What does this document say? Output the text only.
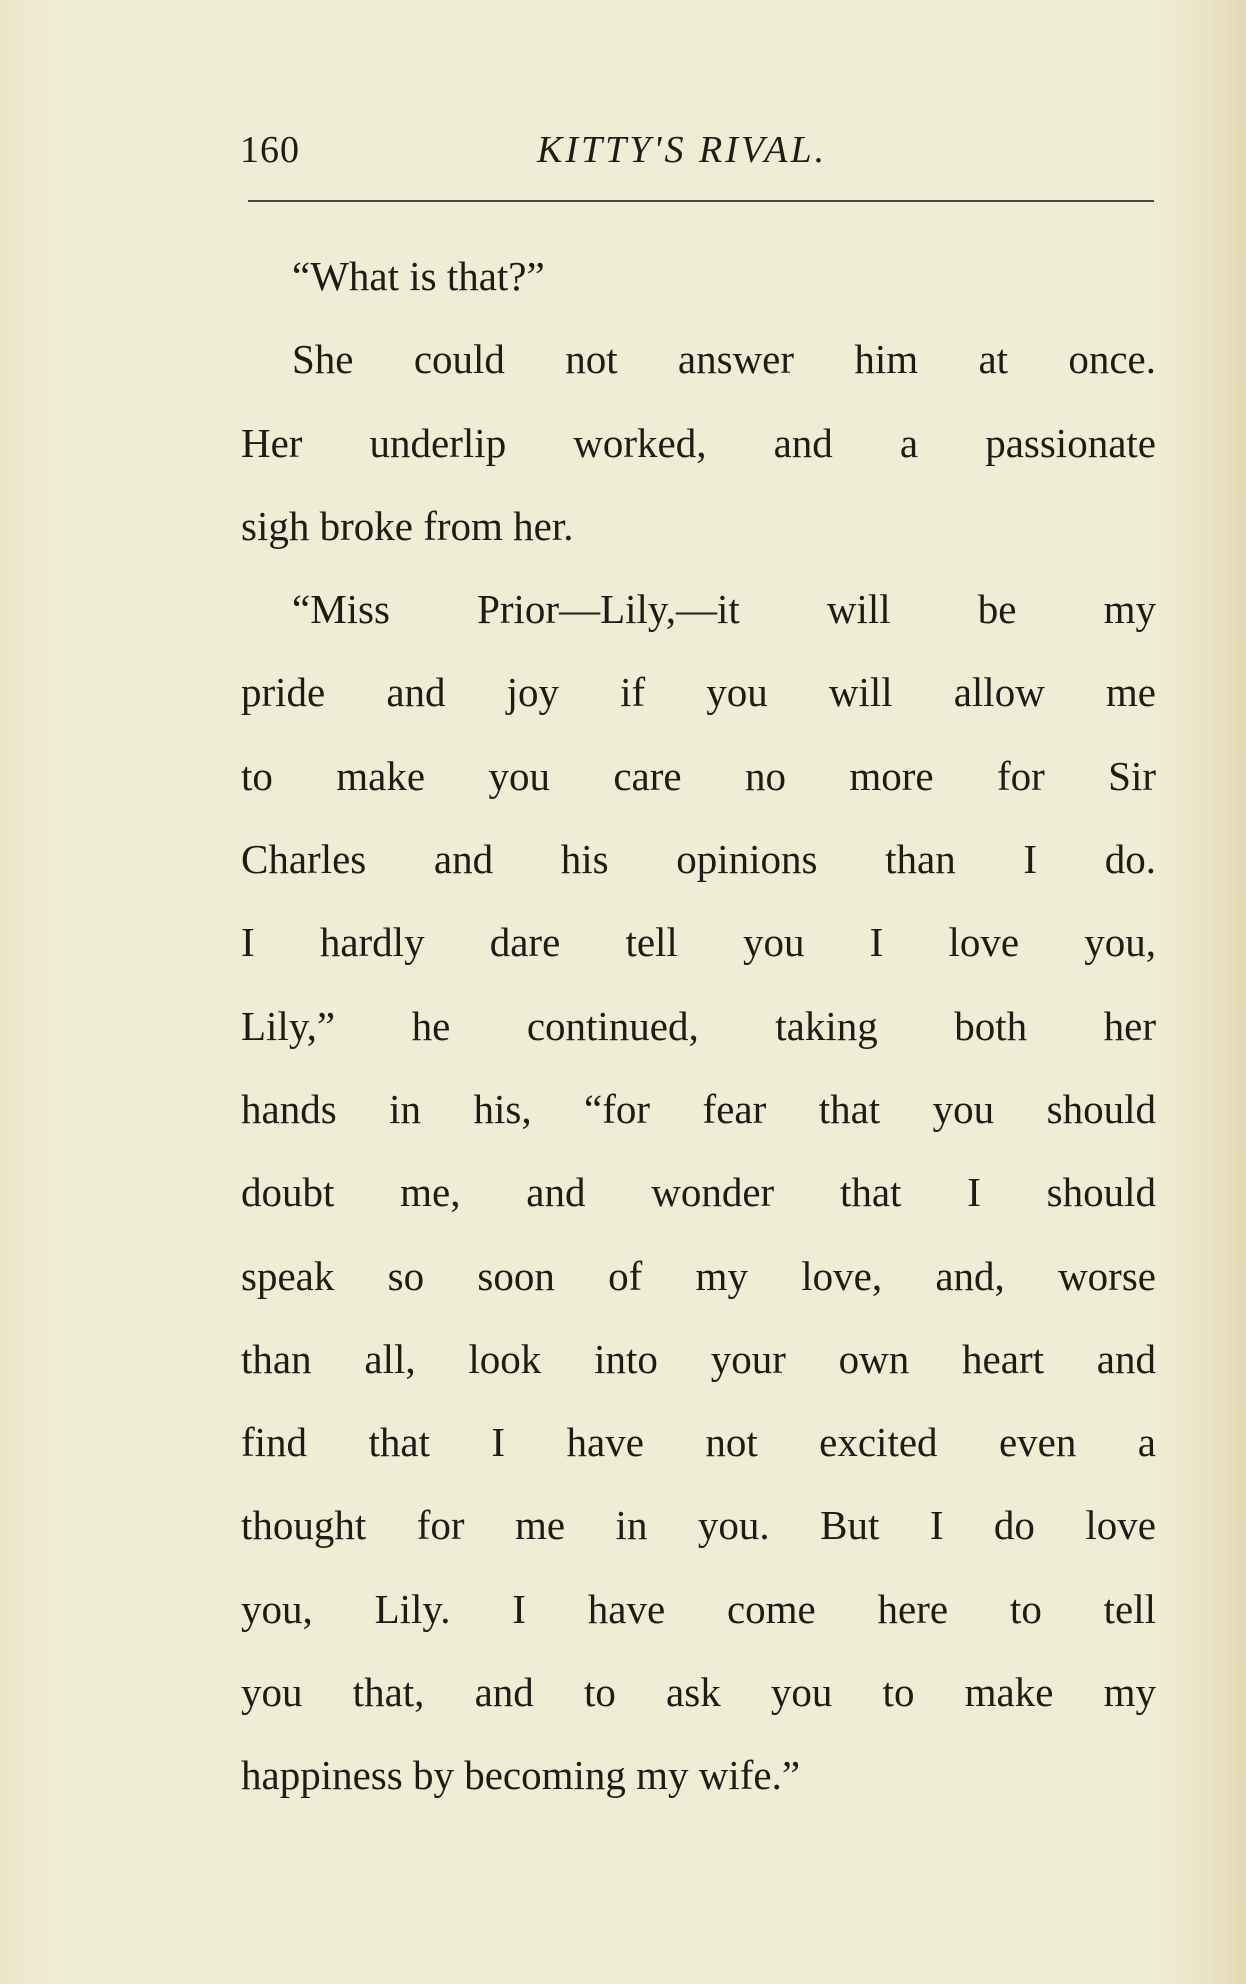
160	KITTY'S RIVAL.
“What is that?”
She could not answer him at once.
Her underlip worked, and a passionate
sigh broke from her.
“Miss Prior—Lily,—it will be my
pride and joy if you will allow me
to make you care no more for Sir
Charles and his opinions than I do.
I hardly dare tell you I love you,
Lily,” he continued, taking both her
hands in his, “for fear that you should
doubt me, and wonder that I should
speak so soon of my love, and, worse
than all, look into your own heart and
find that I have not excited even a
thought for me in you. But I do love
you, Lily. I have come here to tell
you that, and to ask you to make my
happiness by becoming my wife.”
